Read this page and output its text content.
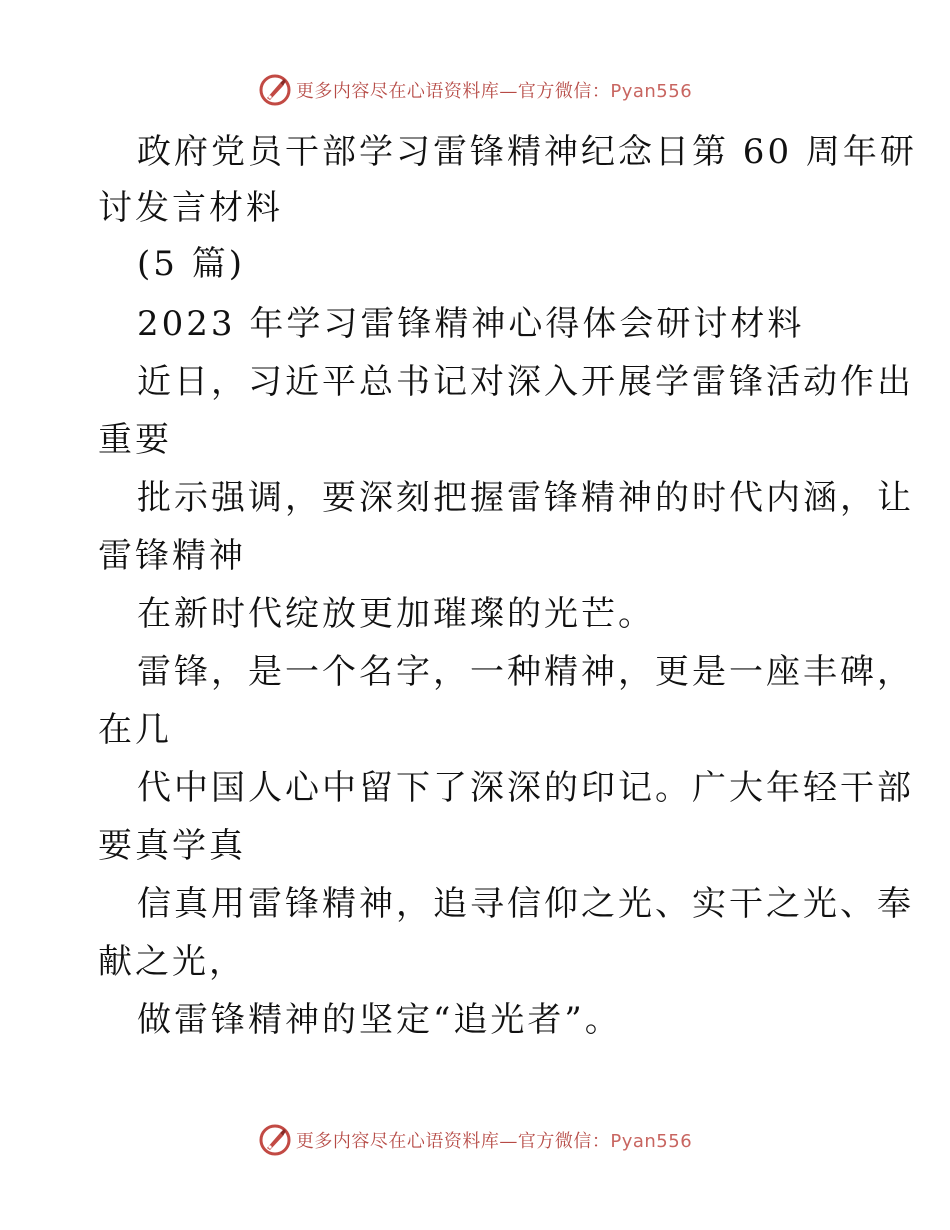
更多内容尽在心语资料库—官方微信：Pyan556
政府党员干部学习雷锋精神纪念日第 60 周年研
讨发言材料
(5 篇)
2023 年学习雷锋精神心得体会研讨材料
近日，习近平总书记对深入开展学雷锋活动作出
重要
批示强调，要深刻把握雷锋精神的时代内涵，让
雷锋精神
在新时代绽放更加璀璨的光芒。
雷锋，是一个名字，一种精神，更是一座丰碑，
在几
代中国人心中留下了深深的印记。广大年轻干部
要真学真
信真用雷锋精神，追寻信仰之光、实干之光、奉
献之光，
做雷锋精神的坚定“追光者”。
更多内容尽在心语资料库—官方微信：Pyan556
